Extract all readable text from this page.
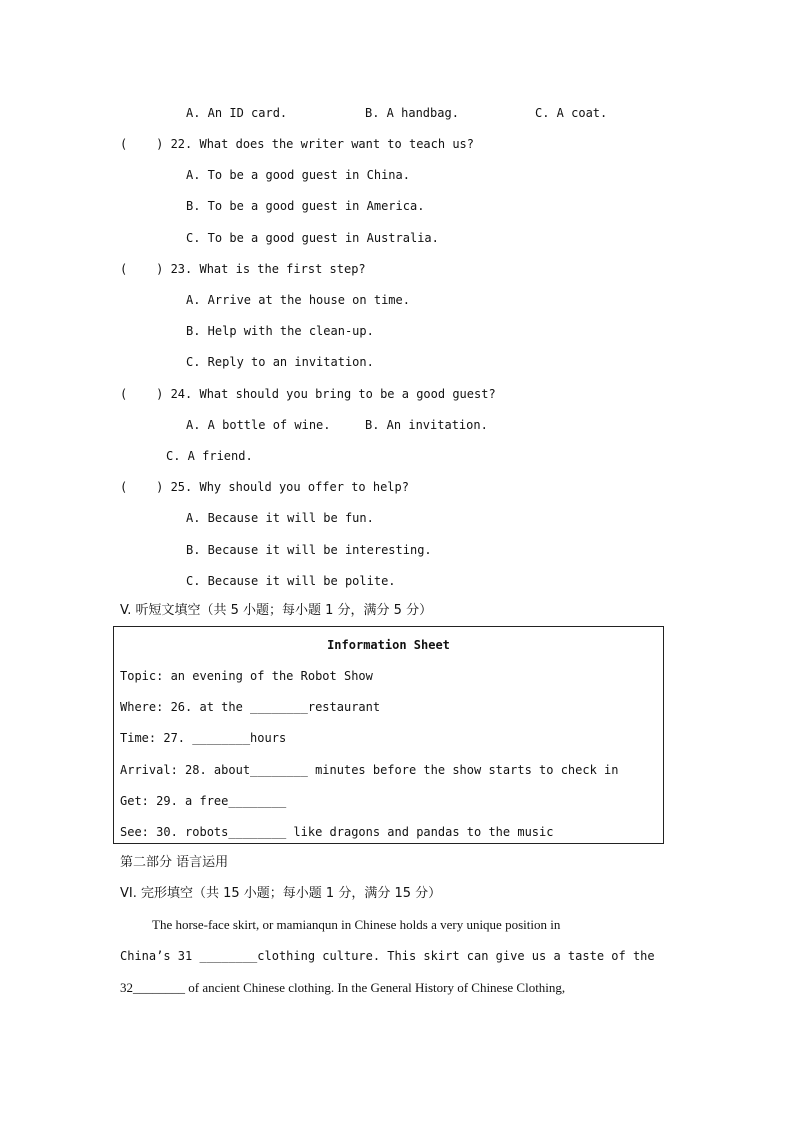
A. An ID card.	B. A handbag.	C. A coat.
(    ) 22. What does the writer want to teach us?
A. To be a good guest in China.
B. To be a good guest in America.
C. To be a good guest in Australia.
(    ) 23. What is the first step?
A. Arrive at the house on time.
B. Help with the clean-up.
C. Reply to an invitation.
(    ) 24. What should you bring to be a good guest?
A. A bottle of wine.	B. An invitation.
C. A friend.
(    ) 25. Why should you offer to help?
A. Because it will be fun.
B. Because it will be interesting.
C. Because it will be polite.
V. 听短文填空（共 5 小题；每小题 1 分，满分 5 分）
Information Sheet
Topic: an evening of the Robot Show
Where: 26. at the ________restaurant
Time: 27. ________hours
Arrival: 28. about________ minutes before the show starts to check in
Get: 29. a free________
See: 30. robots________ like dragons and pandas to the music
第二部分 语言运用
VI. 完形填空（共 15 小题；每小题 1 分，满分 15 分）
The horse-face skirt, or mamianqun in Chinese holds a very unique position in
China’s 31 ________clothing culture. This skirt can give us a taste of the
32________ of ancient Chinese clothing. In the General History of Chinese Clothing,
